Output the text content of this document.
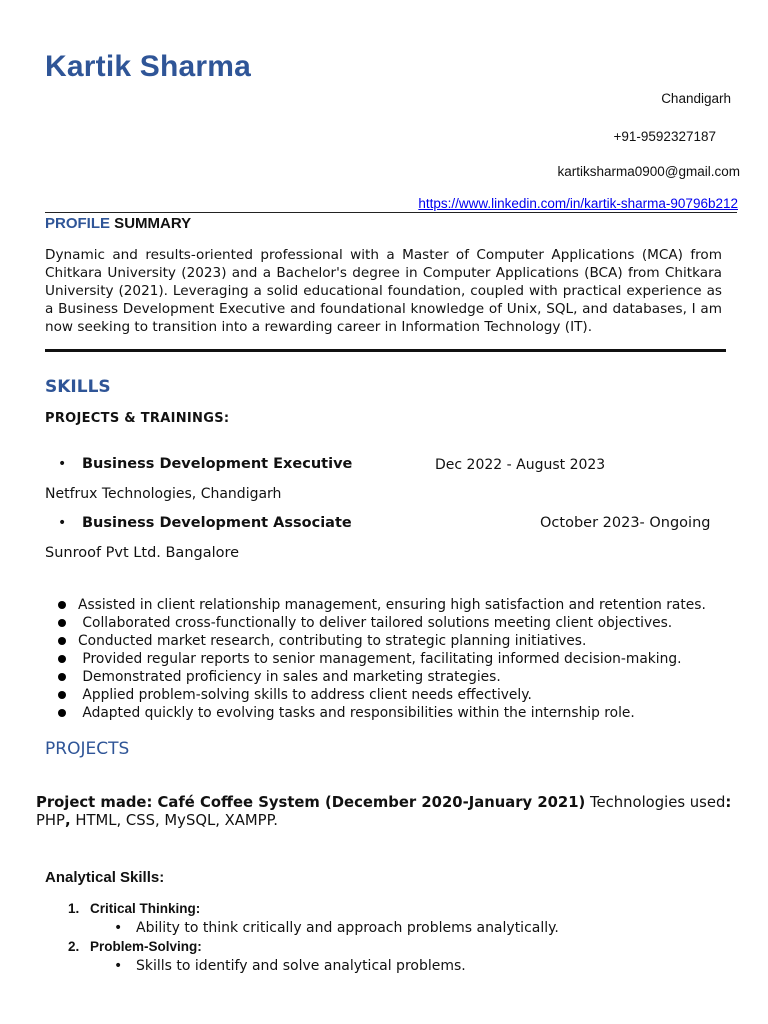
Kartik Sharma
Chandigarh
+91-9592327187
kartiksharma0900@gmail.com
https://www.linkedin.com/in/kartik-sharma-90796b212
PROFILE SUMMARY
Dynamic and results-oriented professional with a Master of Computer Applications (MCA) from Chitkara University (2023) and a Bachelor's degree in Computer Applications (BCA) from Chitkara University (2021). Leveraging a solid educational foundation, coupled with practical experience as a Business Development Executive and foundational knowledge of Unix, SQL, and databases, I am now seeking to transition into a rewarding career in Information Technology (IT).
SKILLS
PROJECTS & TRAININGS:
• Business Development Executive	Dec 2022 - August 2023
Netfrux Technologies, Chandigarh
• Business Development Associate	October 2023- Ongoing
Sunroof Pvt Ltd. Bangalore
Assisted in client relationship management, ensuring high satisfaction and retention rates.
Collaborated cross-functionally to deliver tailored solutions meeting client objectives.
Conducted market research, contributing to strategic planning initiatives.
Provided regular reports to senior management, facilitating informed decision-making.
Demonstrated proficiency in sales and marketing strategies.
Applied problem-solving skills to address client needs effectively.
Adapted quickly to evolving tasks and responsibilities within the internship role.
PROJECTS
Project made: Café Coffee System (December 2020-January 2021) Technologies used: PHP, HTML, CSS, MySQL, XAMPP.
Analytical Skills:
1. Critical Thinking:
• Ability to think critically and approach problems analytically.
2. Problem-Solving:
• Skills to identify and solve analytical problems.
